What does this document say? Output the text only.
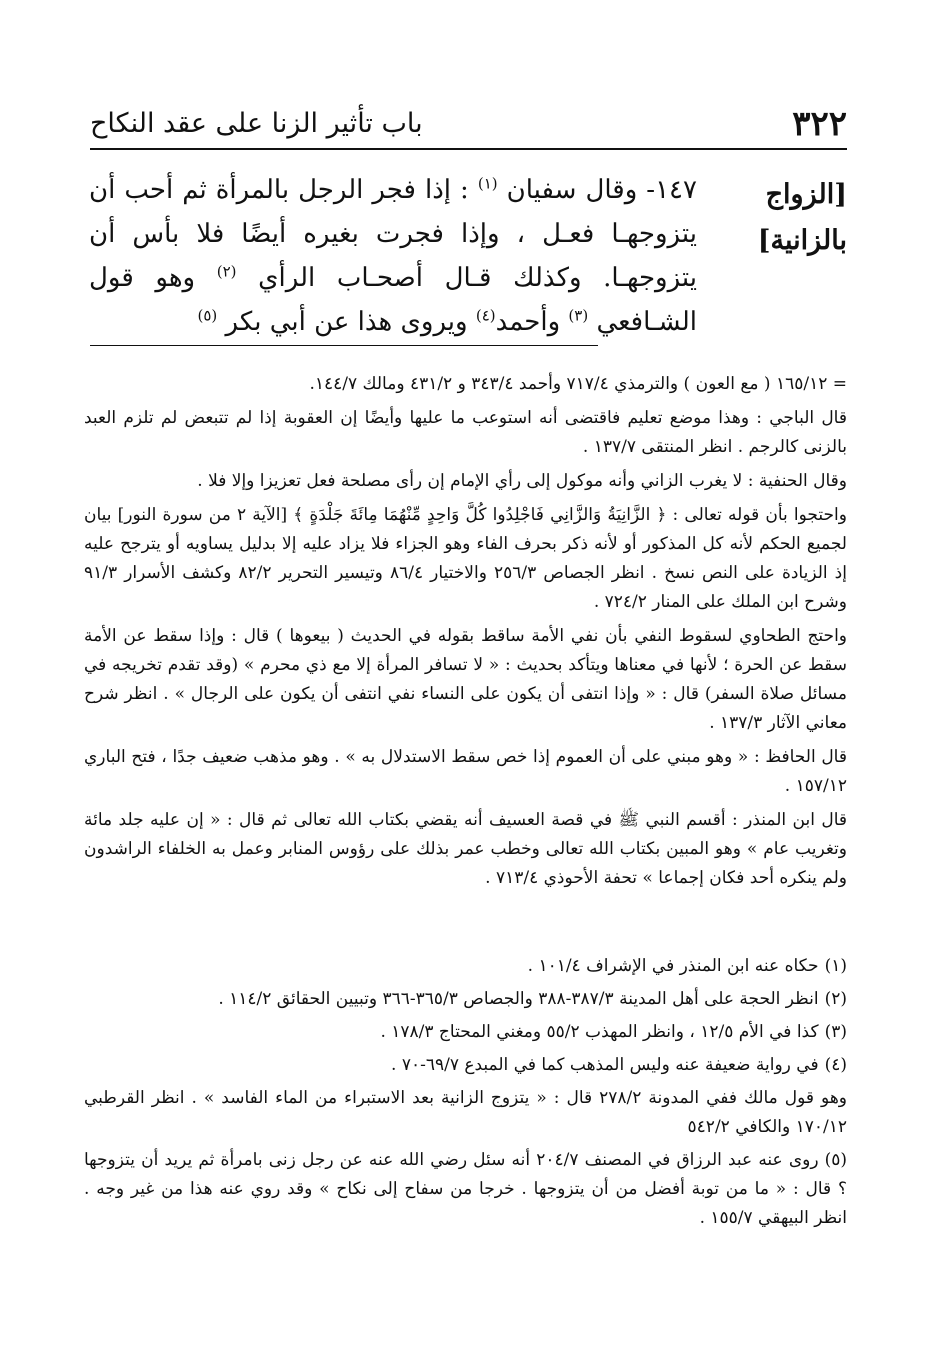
٣٢٢
باب تأثير الزنا على عقد النكاح
[الزواج بالزانية]
١٤٧- وقال سفيان $^{(١)}$ : إذا فجر الرجل بالمرأة ثم أحب أن يتزوجهـا فعـل ، وإذا فجرت بغيره أيضًا فلا بأس أن يتزوجهـا. وكذلك قـال أصحـاب الرأي $^{(٢)}$ وهو قول الشـافعي $^{(٣)}$ وأحمد$^{(٤)}$ ويروى هذا عن أبي بكر $^{(٥)}$

= ١٦٥/١٢ ( مع العون ) والترمذي ٧١٧/٤ وأحمد ٣٤٣/٤ و ٤٣١/٢ ومالك ١٤٤/٧.

قال الباجي : وهذا موضع تعليم فاقتضى أنه استوعب ما عليها وأيضًا إن العقوبة إذا لم تتبعض لم تلزم العبد بالزنى كالرجم . انظر المنتقى ١٣٧/٧ .

وقال الحنفية : لا يغرب الزاني وأنه موكول إلى رأي الإمام إن رأى مصلحة فعل تعزيزا وإلا فلا .

واحتجوا بأن قوله تعالى : ﴿ الزَّانِيَةُ وَالزَّانِي فَاجْلِدُوا كُلَّ وَاحِدٍ مِّنْهُمَا مِائَةَ جَلْدَةٍ ﴾ [الآية ٢ من سورة النور] بيان لجميع الحكم لأنه كل المذكور أو لأنه ذكر بحرف الفاء وهو الجزاء فلا يزاد عليه إلا بدليل يساويه أو يترجح عليه إذ الزيادة على النص نسخ . انظر الجصاص ٢٥٦/٣ والاختيار ٨٦/٤ وتيسير التحرير ٨٢/٢ وكشف الأسرار ٩١/٣ وشرح ابن الملك على المنار ٧٢٤/٢ .

واحتج الطحاوي لسقوط النفي بأن نفي الأمة ساقط بقوله في الحديث ( بيعوها ) قال : وإذا سقط عن الأمة سقط عن الحرة ؛ لأنها في معناها ويتأكد بحديث : « لا تسافر المرأة إلا مع ذي محرم » (وقد تقدم تخريجه في مسائل صلاة السفر) قال : « وإذا انتفى أن يكون على النساء نفي انتفى أن يكون على الرجال » . انظر شرح معاني الآثار ١٣٧/٣ .

قال الحافظ : « وهو مبني على أن العموم إذا خص سقط الاستدلال به » . وهو مذهب ضعيف جدًا ، فتح الباري ١٥٧/١٢ .

قال ابن المنذر : أقسم النبي ﷺ في قصة العسيف أنه يقضي بكتاب الله تعالى ثم قال : « إن عليه جلد مائة وتغريب عام » وهو المبين بكتاب الله تعالى وخطب عمر بذلك على رؤوس المنابر وعمل به الخلفاء الراشدون ولم ينكره أحد فكان إجماعا » تحفة الأحوذي ٧١٣/٤ .

(١)حكاه عنه ابن المنذر في الإشراف ١٠١/٤ .

(٢)انظر الحجة على أهل المدينة ٣٨٧/٣-٣٨٨ والجصاص ٣٦٥/٣-٣٦٦ وتبيين الحقائق ١١٤/٢ .

(٣)كذا في الأم ١٢/٥ ، وانظر المهذب ٥٥/٢ ومغني المحتاج ١٧٨/٣ .

(٤)في رواية ضعيفة عنه وليس المذهب كما في المبدع ٦٩/٧-٧٠ .

وهو قول مالك ففي المدونة ٢٧٨/٢ قال : « يتزوج الزانية بعد الاستبراء من الماء الفاسد » . انظر القرطبي ١٧٠/١٢ والكافي ٥٤٢/٢

(٥)روى عنه عبد الرزاق في المصنف ٢٠٤/٧ أنه سئل رضي الله عنه عن رجل زنى بامرأة ثم يريد أن يتزوجها ؟ قال : « ما من توبة أفضل من أن يتزوجها . خرجا من سفاح إلى نكاح » وقد روي عنه هذا من غير وجه . انظر البيهقي ١٥٥/٧ .
